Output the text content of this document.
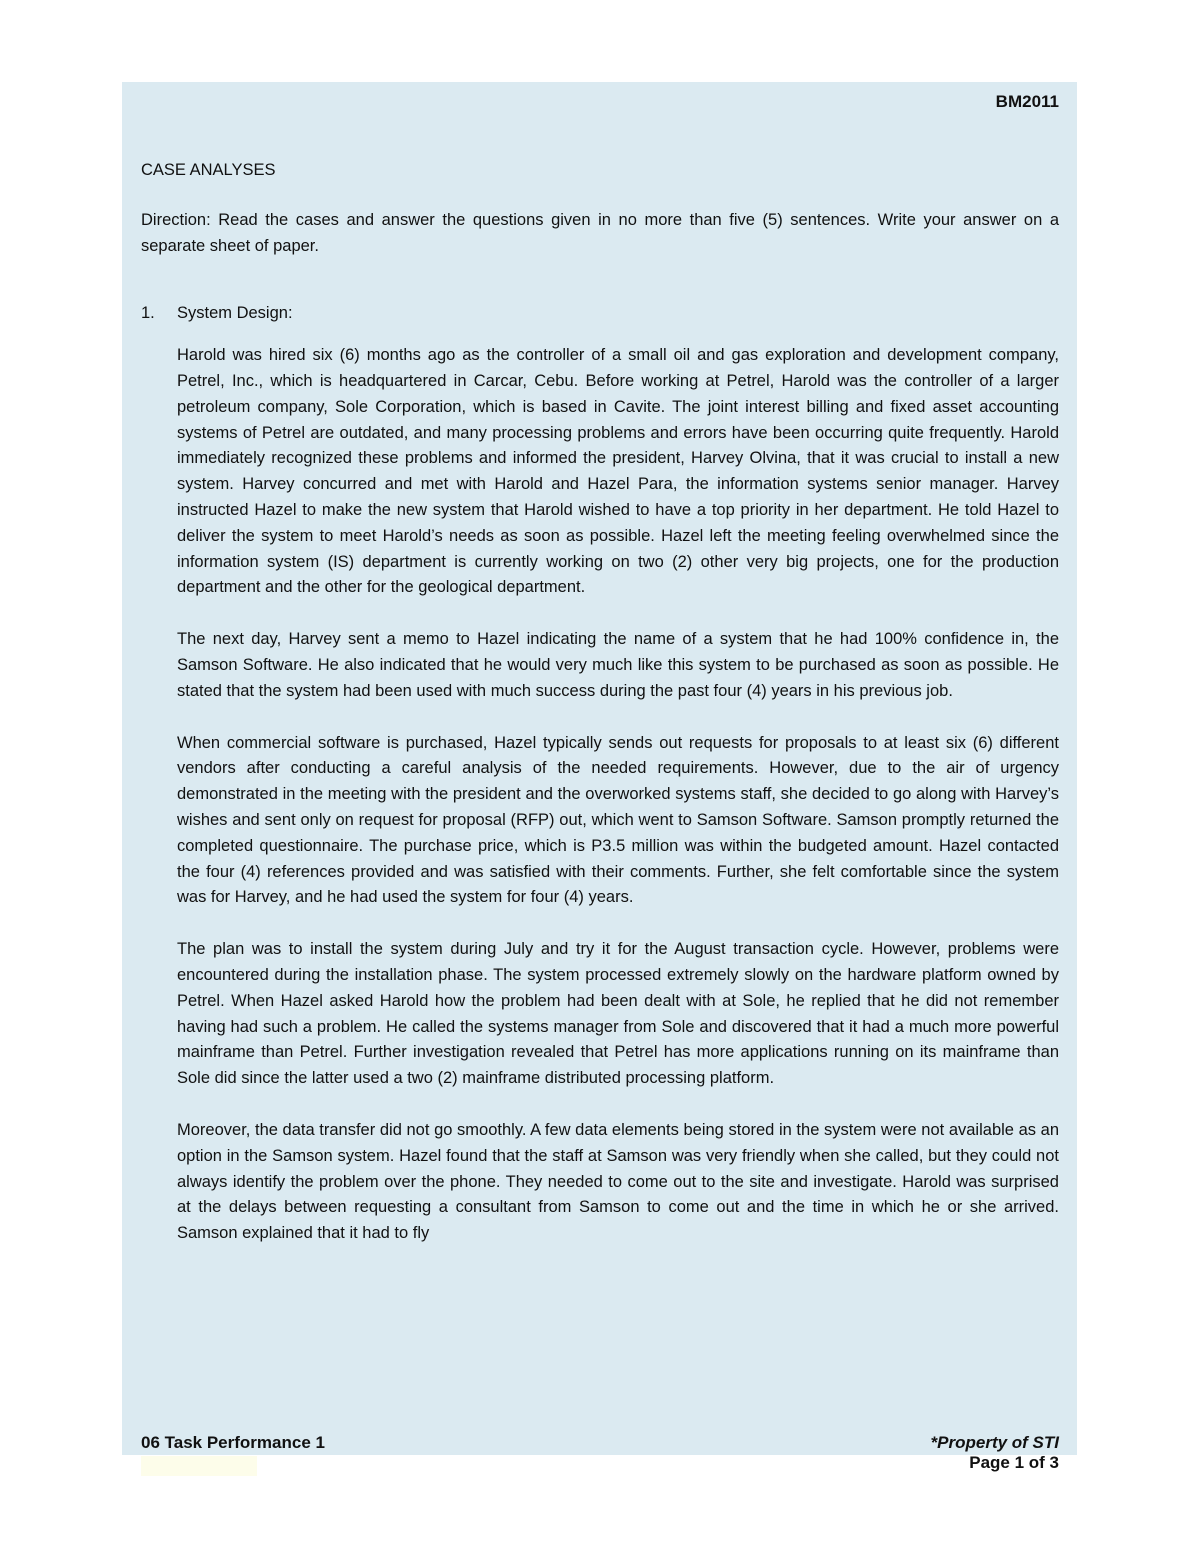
BM2011

CASE ANALYSES

Direction: Read the cases and answer the questions given in no more than five (5) sentences. Write your answer on a separate sheet of paper.

1.	System Design:

Harold was hired six (6) months ago as the controller of a small oil and gas exploration and development company, Petrel, Inc., which is headquartered in Carcar, Cebu. Before working at Petrel, Harold was the controller of a larger petroleum company, Sole Corporation, which is based in Cavite. The joint interest billing and fixed asset accounting systems of Petrel are outdated, and many processing problems and errors have been occurring quite frequently. Harold immediately recognized these problems and informed the president, Harvey Olvina, that it was crucial to install a new system. Harvey concurred and met with Harold and Hazel Para, the information systems senior manager. Harvey instructed Hazel to make the new system that Harold wished to have a top priority in her department. He told Hazel to deliver the system to meet Harold’s needs as soon as possible. Hazel left the meeting feeling overwhelmed since the information system (IS) department is currently working on two (2) other very big projects, one for the production department and the other for the geological department.

The next day, Harvey sent a memo to Hazel indicating the name of a system that he had 100% confidence in, the Samson Software. He also indicated that he would very much like this system to be purchased as soon as possible. He stated that the system had been used with much success during the past four (4) years in his previous job.

When commercial software is purchased, Hazel typically sends out requests for proposals to at least six (6) different vendors after conducting a careful analysis of the needed requirements. However, due to the air of urgency demonstrated in the meeting with the president and the overworked systems staff, she decided to go along with Harvey’s wishes and sent only on request for proposal (RFP) out, which went to Samson Software. Samson promptly returned the completed questionnaire. The purchase price, which is P3.5 million was within the budgeted amount. Hazel contacted the four (4) references provided and was satisfied with their comments. Further, she felt comfortable since the system was for Harvey, and he had used the system for four (4) years.

The plan was to install the system during July and try it for the August transaction cycle. However, problems were encountered during the installation phase. The system processed extremely slowly on the hardware platform owned by Petrel. When Hazel asked Harold how the problem had been dealt with at Sole, he replied that he did not remember having had such a problem. He called the systems manager from Sole and discovered that it had a much more powerful mainframe than Petrel. Further investigation revealed that Petrel has more applications running on its mainframe than Sole did since the latter used a two (2) mainframe distributed processing platform.

Moreover, the data transfer did not go smoothly. A few data elements being stored in the system were not available as an option in the Samson system. Hazel found that the staff at Samson was very friendly when she called, but they could not always identify the problem over the phone. They needed to come out to the site and investigate. Harold was surprised at the delays between requesting a consultant from Samson to come out and the time in which he or she arrived. Samson explained that it had to fly

06 Task Performance 1	*Property of STI

Page 1 of 3
